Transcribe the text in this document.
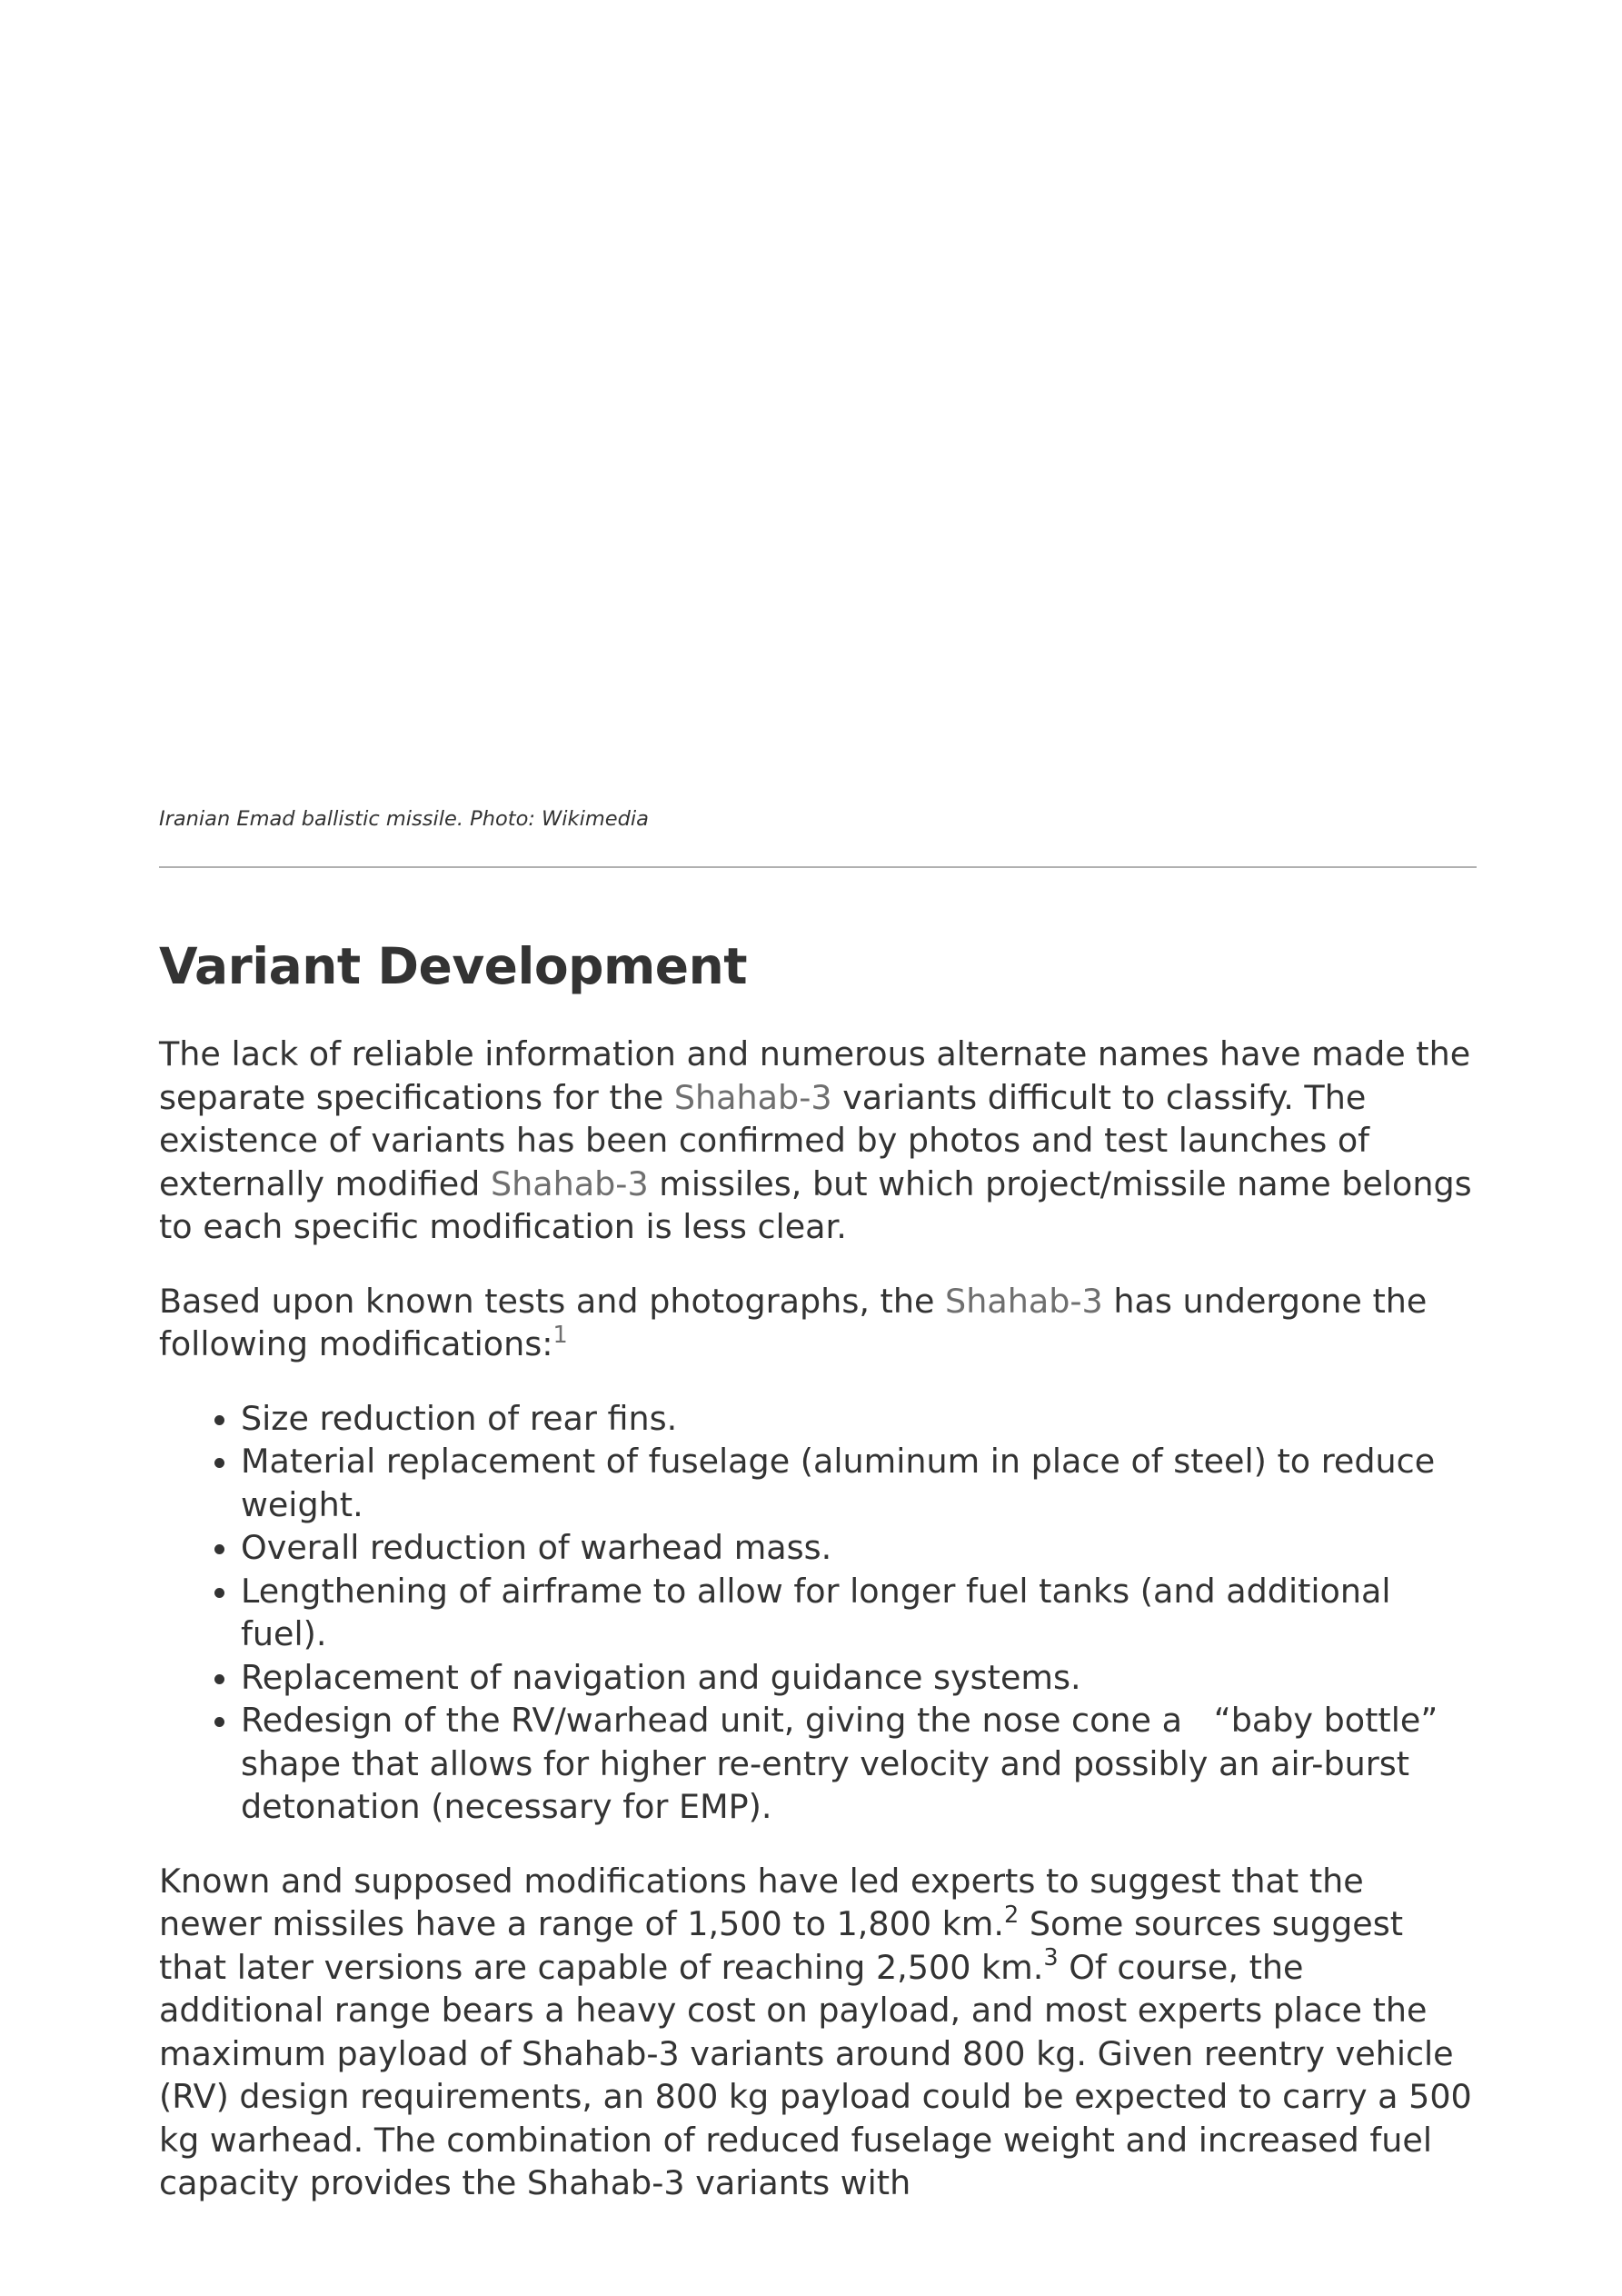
Iranian Emad ballistic missile. Photo: Wikimedia

Variant Development

The lack of reliable information and numerous alternate names have made the separate specifications for the Shahab-3 variants difficult to classify. The existence of variants has been confirmed by photos and test launches of externally modified Shahab-3 missiles, but which project/missile name belongs to each specific modification is less clear.

Based upon known tests and photographs, the Shahab-3 has undergone the following modifications:$^1$

• Size reduction of rear fins.
• Material replacement of fuselage (aluminum in place of steel) to reduce weight.
• Overall reduction of warhead mass.
• Lengthening of airframe to allow for longer fuel tanks (and additional fuel).
• Replacement of navigation and guidance systems.
• Redesign of the RV/warhead unit, giving the nose cone a   “baby bottle” shape that allows for higher re-entry velocity and possibly an air-burst detonation (necessary for EMP).

Known and supposed modifications have led experts to suggest that the newer missiles have a range of 1,500 to 1,800 km.$^2$ Some sources suggest that later versions are capable of reaching 2,500 km.$^3$ Of course, the additional range bears a heavy cost on payload, and most experts place the maximum payload of Shahab-3 variants around 800 kg. Given reentry vehicle (RV) design requirements, an 800 kg payload could be expected to carry a 500 kg warhead. The combination of reduced fuselage weight and increased fuel capacity provides the Shahab-3 variants with
